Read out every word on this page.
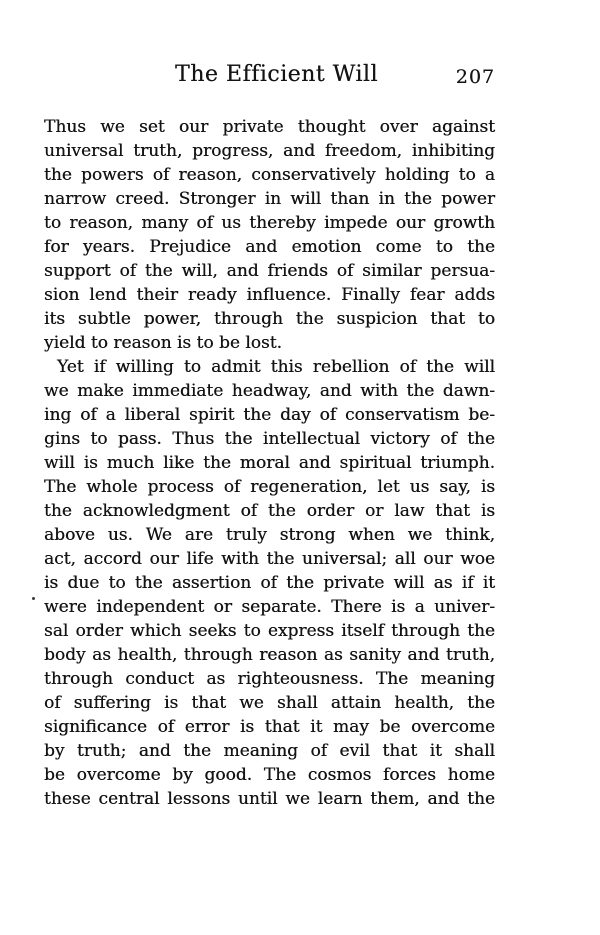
The Efficient Will	207
Thus we set our private thought over against
universal truth, progress, and freedom, inhibiting
the powers of reason, conservatively holding to a
narrow creed. Stronger in will than in the power
to reason, many of us thereby impede our growth
for years. Prejudice and emotion come to the
support of the will, and friends of similar persua-
sion lend their ready influence. Finally fear adds
its subtle power, through the suspicion that to
yield to reason is to be lost.
Yet if willing to admit this rebellion of the will
we make immediate headway, and with the dawn-
ing of a liberal spirit the day of conservatism be-
gins to pass. Thus the intellectual victory of the
will is much like the moral and spiritual triumph.
The whole process of regeneration, let us say, is
the acknowledgment of the order or law that is
above us. We are truly strong when we think,
act, accord our life with the universal; all our woe
is due to the assertion of the private will as if it
were independent or separate. There is a univer-
sal order which seeks to express itself through the
body as health, through reason as sanity and truth,
through conduct as righteousness. The meaning
of suffering is that we shall attain health, the
significance of error is that it may be overcome
by truth; and the meaning of evil that it shall
be overcome by good. The cosmos forces home
these central lessons until we learn them, and the
